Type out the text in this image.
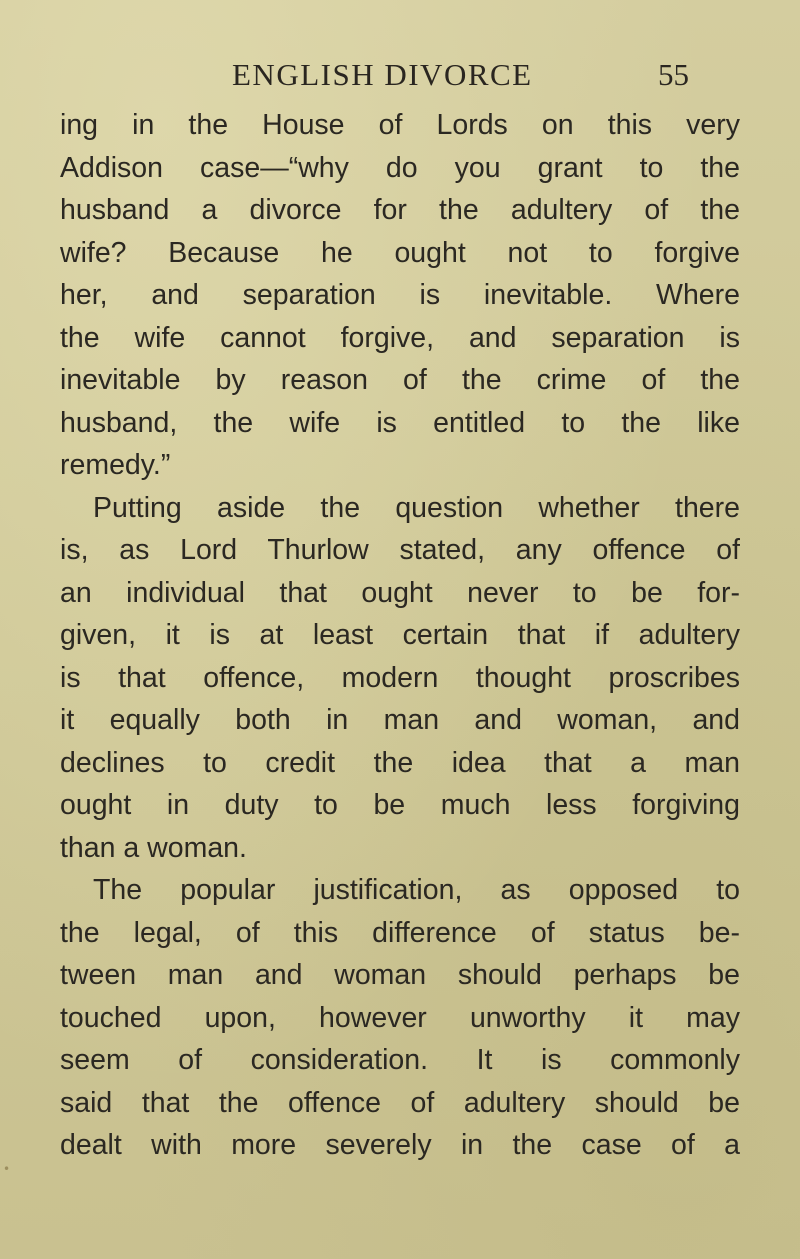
ENGLISH DIVORCE	55
ing in the House of Lords on this very
Addison case—“why do you grant to the
husband a divorce for the adultery of the
wife? Because he ought not to forgive
her, and separation is inevitable. Where
the wife cannot forgive, and separation is
inevitable by reason of the crime of the
husband, the wife is entitled to the like
remedy.”
Putting aside the question whether there
is, as Lord Thurlow stated, any offence of
an individual that ought never to be for-
given, it is at least certain that if adultery
is that offence, modern thought proscribes
it equally both in man and woman, and
declines to credit the idea that a man
ought in duty to be much less forgiving
than a woman.
The popular justification, as opposed to
the legal, of this difference of status be-
tween man and woman should perhaps be
touched upon, however unworthy it may
seem of consideration. It is commonly
said that the offence of adultery should be
dealt with more severely in the case of a
•
